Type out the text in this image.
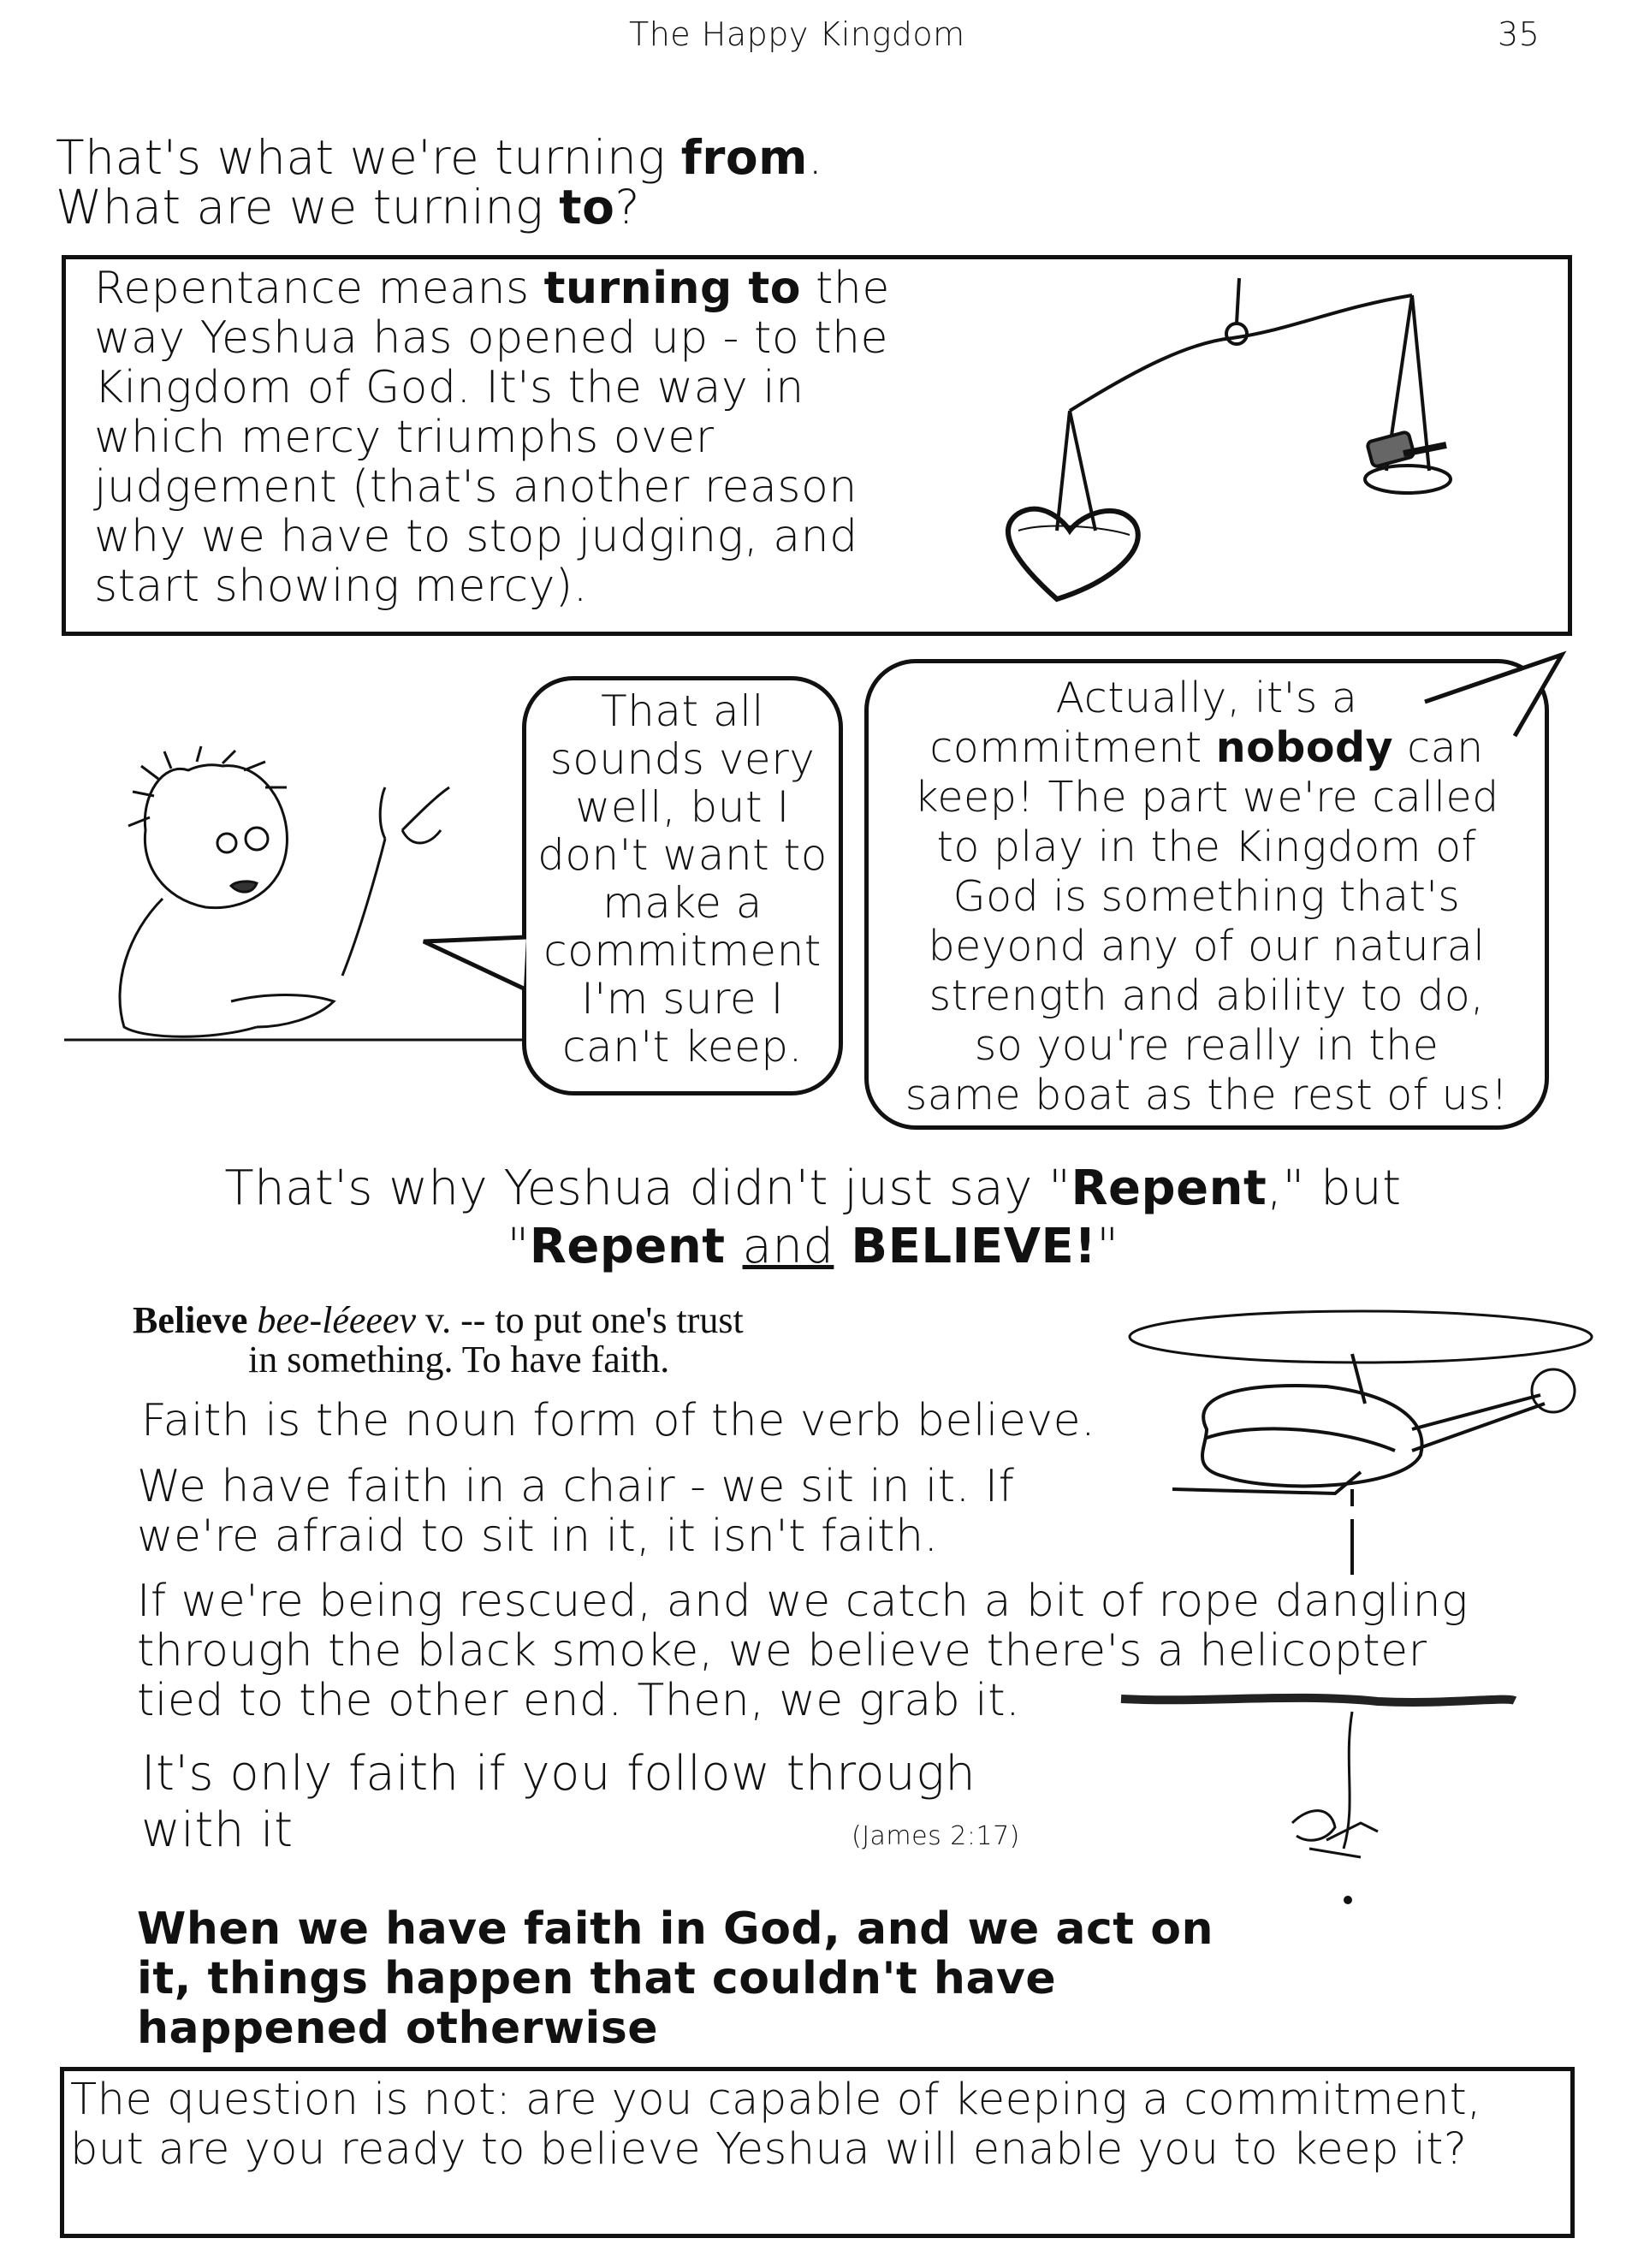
The Happy Kingdom	35
That's what we're turning from.
What are we turning to?
Repentance means turning to the
way Yeshua has opened up - to the
Kingdom of God. It's the way in
which mercy triumphs over
judgement (that's another reason
why we have to stop judging, and
start showing mercy).
That all
sounds very
well, but I
don't want to
make a
commitment
I'm sure I
can't keep.
Actually, it's a
commitment nobody can
keep! The part we're called
to play in the Kingdom of
God is something that's
beyond any of our natural
strength and ability to do,
so you're really in the
same boat as the rest of us!
That's why Yeshua didn't just say "Repent," but
"Repent and BELIEVE!"
Believe bee-léeeev v. -- to put one's trust
in something. To have faith.
Faith is the noun form of the verb believe.
We have faith in a chair - we sit in it. If
we're afraid to sit in it, it isn't faith.
If we're being rescued, and we catch a bit of rope dangling
through the black smoke, we believe there's a helicopter
tied to the other end. Then, we grab it.
It's only faith if you follow through
with it	(James 2:17)
When we have faith in God, and we act on
it, things happen that couldn't have
happened otherwise
The question is not: are you capable of keeping a commitment,
but are you ready to believe Yeshua will enable you to keep it?
